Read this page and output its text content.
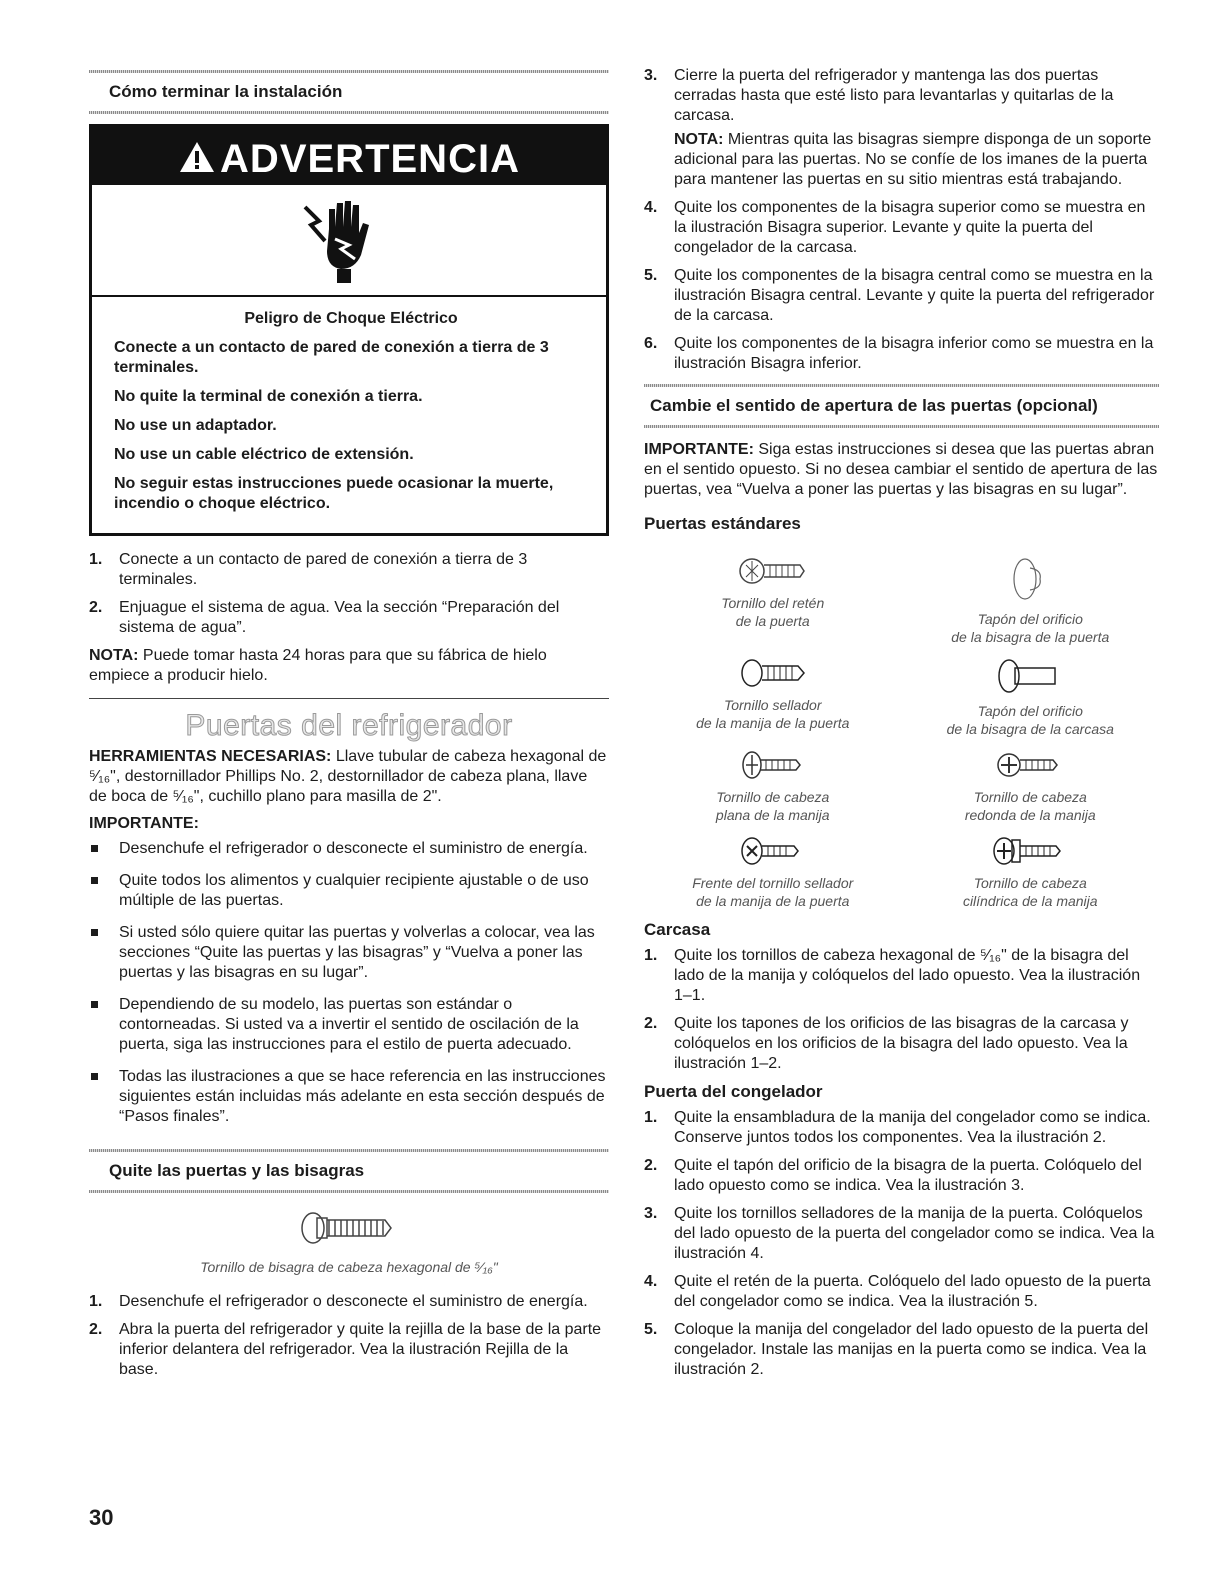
Cómo terminar la instalación
ADVERTENCIA

Peligro de Choque Eléctrico

Conecte a un contacto de pared de conexión a tierra de 3 terminales.

No quite la terminal de conexión a tierra.

No use un adaptador.

No use un cable eléctrico de extensión.

No seguir estas instrucciones puede ocasionar la muerte, incendio o choque eléctrico.

1. Conecte a un contacto de pared de conexión a tierra de 3 terminales.
2. Enjuague el sistema de agua. Vea la sección “Preparación del sistema de agua”.

NOTA: Puede tomar hasta 24 horas para que su fábrica de hielo empiece a producir hielo.

Puertas del refrigerador

HERRAMIENTAS NECESARIAS: Llave tubular de cabeza hexagonal de ⁵⁄₁₆", destornillador Phillips No. 2, destornillador de cabeza plana, llave de boca de ⁵⁄₁₆", cuchillo plano para masilla de 2".

IMPORTANTE:
Desenchufe el refrigerador o desconecte el suministro de energía.
Quite todos los alimentos y cualquier recipiente ajustable o de uso múltiple de las puertas.
Si usted sólo quiere quitar las puertas y volverlas a colocar, vea las secciones “Quite las puertas y las bisagras” y “Vuelva a poner las puertas y las bisagras en su lugar”.
Dependiendo de su modelo, las puertas son estándar o contorneadas. Si usted va a invertir el sentido de oscilación de la puerta, siga las instrucciones para el estilo de puerta adecuado.
Todas las ilustraciones a que se hace referencia en las instrucciones siguientes están incluidas más adelante en esta sección después de “Pasos finales”.
Quite las puertas y las bisagras
Tornillo de bisagra de cabeza hexagonal de ⁵⁄₁₆"
1. Desenchufe el refrigerador o desconecte el suministro de energía.
2. Abra la puerta del refrigerador y quite la rejilla de la base de la parte inferior delantera del refrigerador. Vea la ilustración Rejilla de la base.
3. Cierre la puerta del refrigerador y mantenga las dos puertas cerradas hasta que esté listo para levantarlas y quitarlas de la carcasa.

NOTA: Mientras quita las bisagras siempre disponga de un soporte adicional para las puertas. No se confíe de los imanes de la puerta para mantener las puertas en su sitio mientras está trabajando.

4. Quite los componentes de la bisagra superior como se muestra en la ilustración Bisagra superior. Levante y quite la puerta del congelador de la carcasa.
5. Quite los componentes de la bisagra central como se muestra en la ilustración Bisagra central. Levante y quite la puerta del refrigerador de la carcasa.
6. Quite los componentes de la bisagra inferior como se muestra en la ilustración Bisagra inferior.
Cambie el sentido de apertura de las puertas (opcional)

IMPORTANTE: Siga estas instrucciones si desea que las puertas abran en el sentido opuesto. Si no desea cambiar el sentido de apertura de las puertas, vea “Vuelva a poner las puertas y las bisagras en su lugar”.

Puertas estándares
Tornillo del retén
de la puerta	Tapón del orificio
de la bisagra de la puerta
Tornillo sellador
de la manija de la puerta
Tapón del orificio
de la bisagra de la carcasa
Tornillo de cabeza
plana de la manija
Tornillo de cabeza
redonda de la manija
Frente del tornillo sellador
de la manija de la puerta
Tornillo de cabeza
cilíndrica de la manija
Carcasa
1. Quite los tornillos de cabeza hexagonal de ⁵⁄₁₆" de la bisagra del lado de la manija y colóquelos del lado opuesto. Vea la ilustración 1–1.
2. Quite los tapones de los orificios de las bisagras de la carcasa y colóquelos en los orificios de la bisagra del lado opuesto. Vea la ilustración 1–2.
Puerta del congelador
1. Quite la ensambladura de la manija del congelador como se indica. Conserve juntos todos los componentes. Vea la ilustración 2.
2. Quite el tapón del orificio de la bisagra de la puerta. Colóquelo del lado opuesto como se indica. Vea la ilustración 3.
3. Quite los tornillos selladores de la manija de la puerta. Colóquelos del lado opuesto de la puerta del congelador como se indica. Vea la ilustración 4.
4. Quite el retén de la puerta. Colóquelo del lado opuesto de la puerta del congelador como se indica. Vea la ilustración 5.
5. Coloque la manija del congelador del lado opuesto de la puerta del congelador. Instale las manijas en la puerta como se indica. Vea la ilustración 2.
30
